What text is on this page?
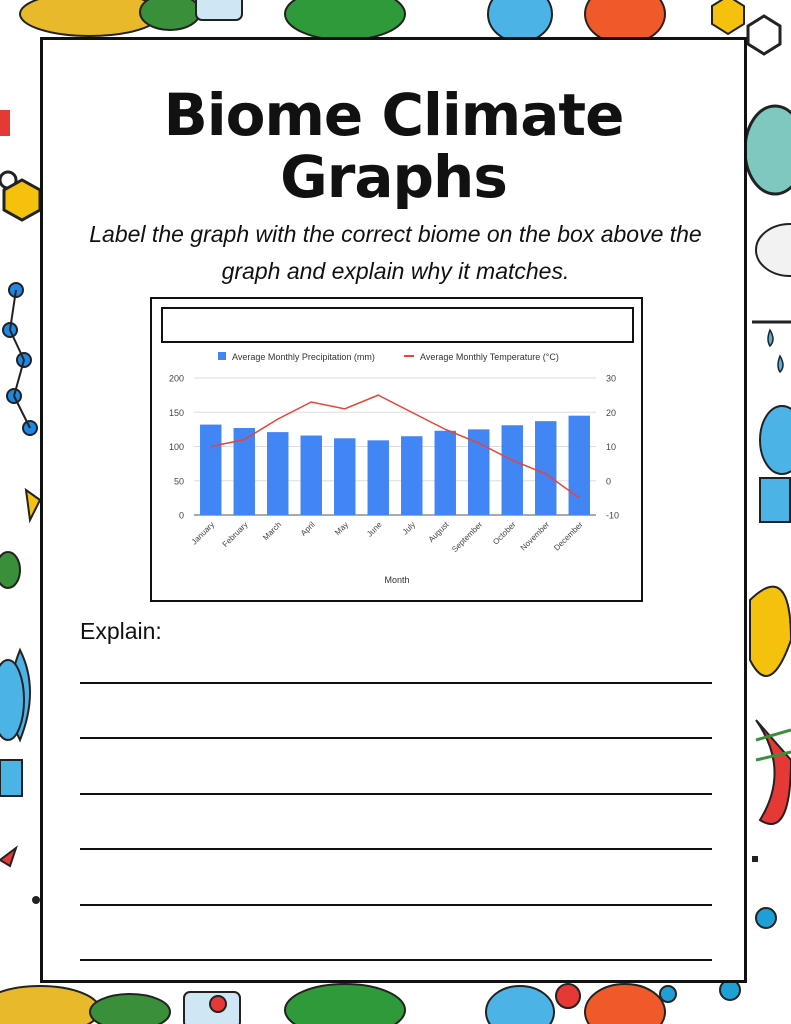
Biome Climate
Graphs

Label the graph with the correct biome on the box above the graph and explain why it matches.

0
50
100
150
200
-10
0
10
20
30
January February March April May June July August September October November December
Month
Average Monthly Precipitation (mm)	Average Monthly Temperature (°C)

Explain:
